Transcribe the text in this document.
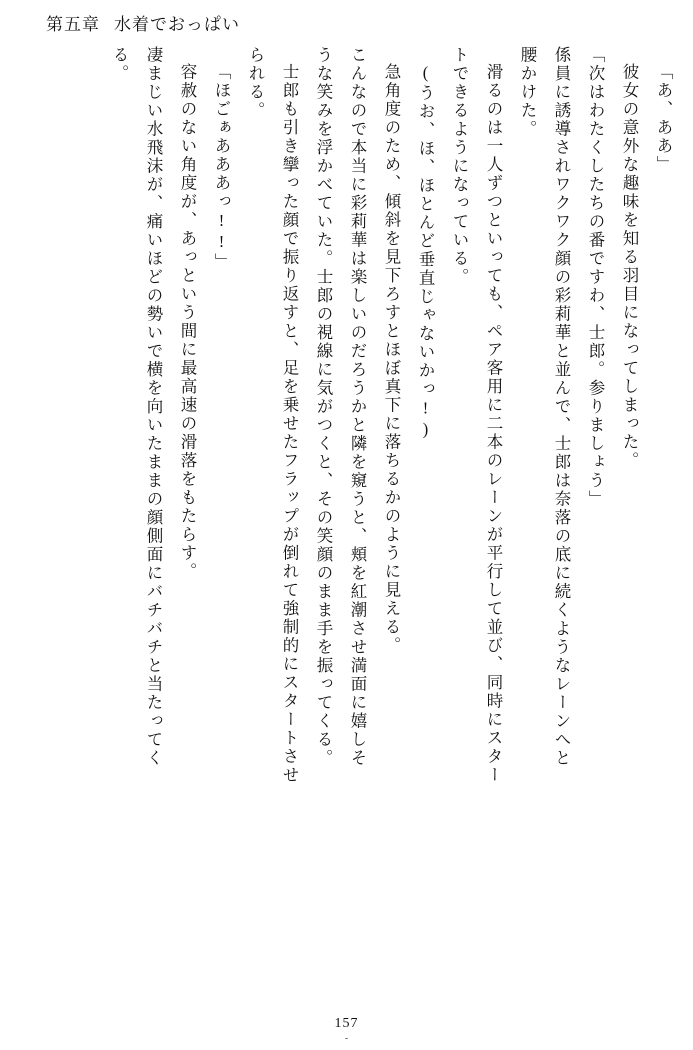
第五章 水着でおっぱい
「あ、ああ」
彼女の意外な趣味を知る羽目になってしまった。
「次はわたくしたちの番ですわ、士郎。参りましょう」
係員に誘導されワクワク顔の彩莉華と並んで、士郎は奈落の底に続くようなレーンへと
腰かけた。
滑るのは一人ずつといっても、ペア客用に二本のレーンが平行して並び、同時にスター
トできるようになっている。
(うお、ほ、ほとんど垂直じゃないかっ!)
急角度のため、傾斜を見下ろすとほぼ真下に落ちるかのように見える。
こんなので本当に彩莉華は楽しいのだろうかと隣を窺うと、頬を紅潮させ満面に嬉しそ
うな笑みを浮かべていた。士郎の視線に気がつくと、その笑顔のまま手を振ってくる。
士郎も引き攣った顔で振り返すと、足を乗せたフラップが倒れて強制的にスタートさせ
られる。
「ほごぁあああっ!!」
容赦のない角度が、あっという間に最高速の滑落をもたらす。
凄まじい水飛沫が、痛いほどの勢いで横を向いたままの顔側面にバチバチと当たってく
る。
157
-
